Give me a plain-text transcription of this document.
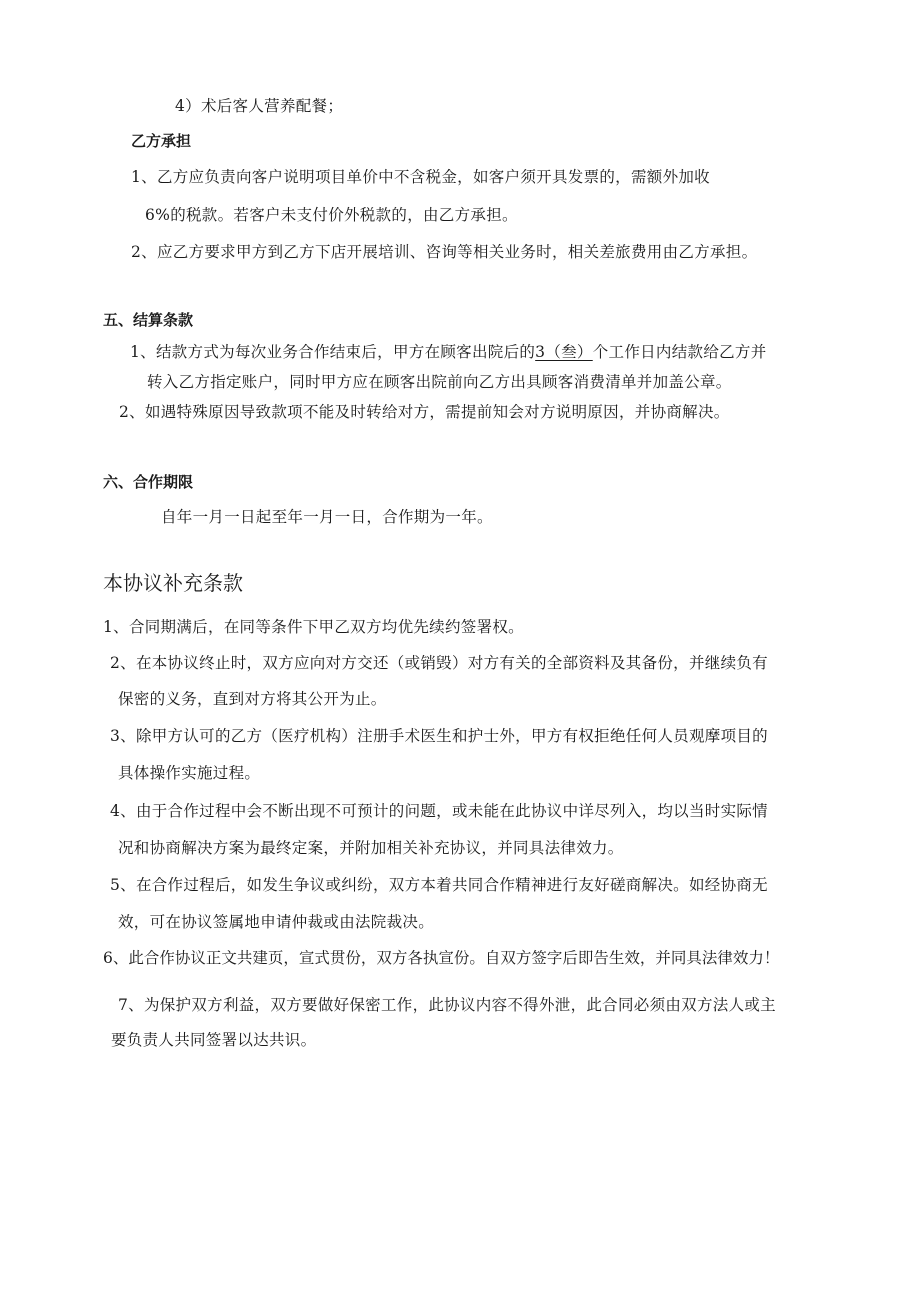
4）术后客人营养配餐；
乙方承担
1、乙方应负责向客户说明项目单价中不含税金，如客户须开具发票的，需额外加收
6%的税款。若客户未支付价外税款的，由乙方承担。
2、应乙方要求甲方到乙方下店开展培训、咨询等相关业务时，相关差旅费用由乙方承担。
五、结算条款
1、结款方式为每次业务合作结束后，甲方在顾客出院后的3（叁）个工作日内结款给乙方并
转入乙方指定账户，同时甲方应在顾客出院前向乙方出具顾客消费清单并加盖公章。
2、如遇特殊原因导致款项不能及时转给对方，需提前知会对方说明原因，并协商解决。
六、合作期限
自年一月一日起至年一月一日，合作期为一年。
本协议补充条款
1、合同期满后，在同等条件下甲乙双方均优先续约签署权。
2、在本协议终止时，双方应向对方交还（或销毁）对方有关的全部资料及其备份，并继续负有
保密的义务，直到对方将其公开为止。
3、除甲方认可的乙方（医疗机构）注册手术医生和护士外，甲方有权拒绝任何人员观摩项目的
具体操作实施过程。
4、由于合作过程中会不断出现不可预计的问题，或未能在此协议中详尽列入，均以当时实际情
况和协商解决方案为最终定案，并附加相关补充协议，并同具法律效力。
5、在合作过程后，如发生争议或纠纷，双方本着共同合作精神进行友好磋商解决。如经协商无
效，可在协议签属地申请仲裁或由法院裁决。
6、此合作协议正文共建页，宣式贯份，双方各执宣份。自双方签字后即告生效，并同具法律效力！
7、为保护双方利益，双方要做好保密工作，此协议内容不得外泄，此合同必须由双方法人或主
要负责人共同签署以达共识。
